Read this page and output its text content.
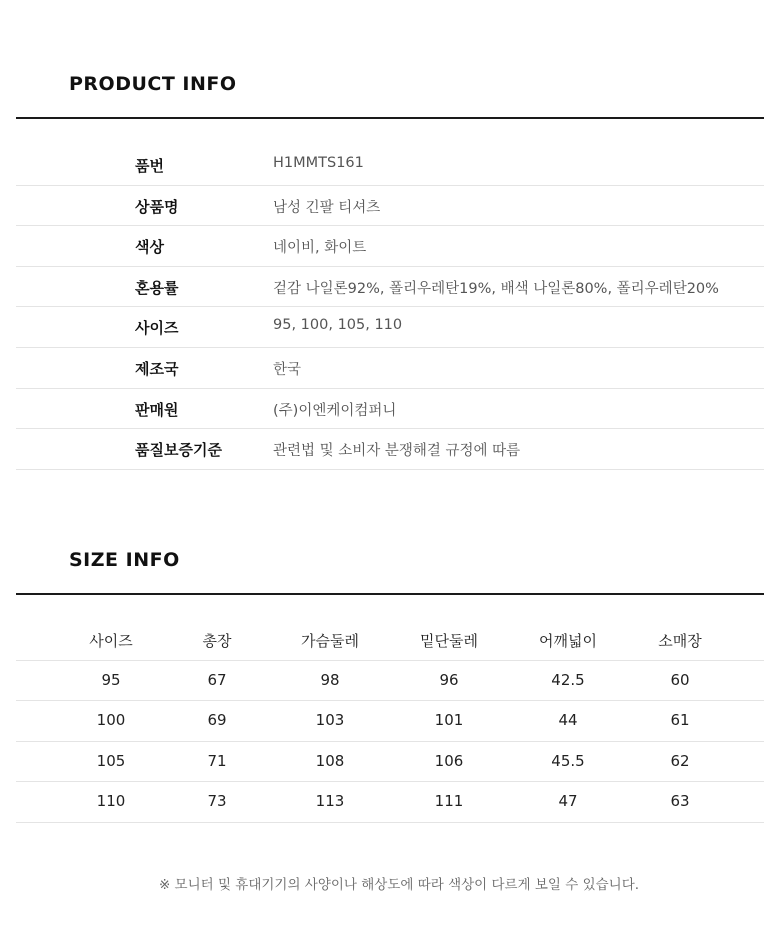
PRODUCT INFO
품번	H1MMTS161
상품명	남성 긴팔 티셔츠
색상	네이비, 화이트
혼용률	겉감 나일론92%, 폴리우레탄19%, 배색 나일론80%, 폴리우레탄20%
사이즈	95, 100, 105, 110
제조국	한국
판매원	(주)이엔케이컴퍼니
품질보증기준	관련법 및 소비자 분쟁해결 규정에 따름
SIZE INFO
사이즈	총장	가슴둘레	밑단둘레	어깨넓이	소매장
95	67	98	96	42.5	60
100	69	103	101	44	61
105	71	108	106	45.5	62
110	73	113	111	47	63
※ 모니터 및 휴대기기의 사양이나 해상도에 따라 색상이 다르게 보일 수 있습니다.
